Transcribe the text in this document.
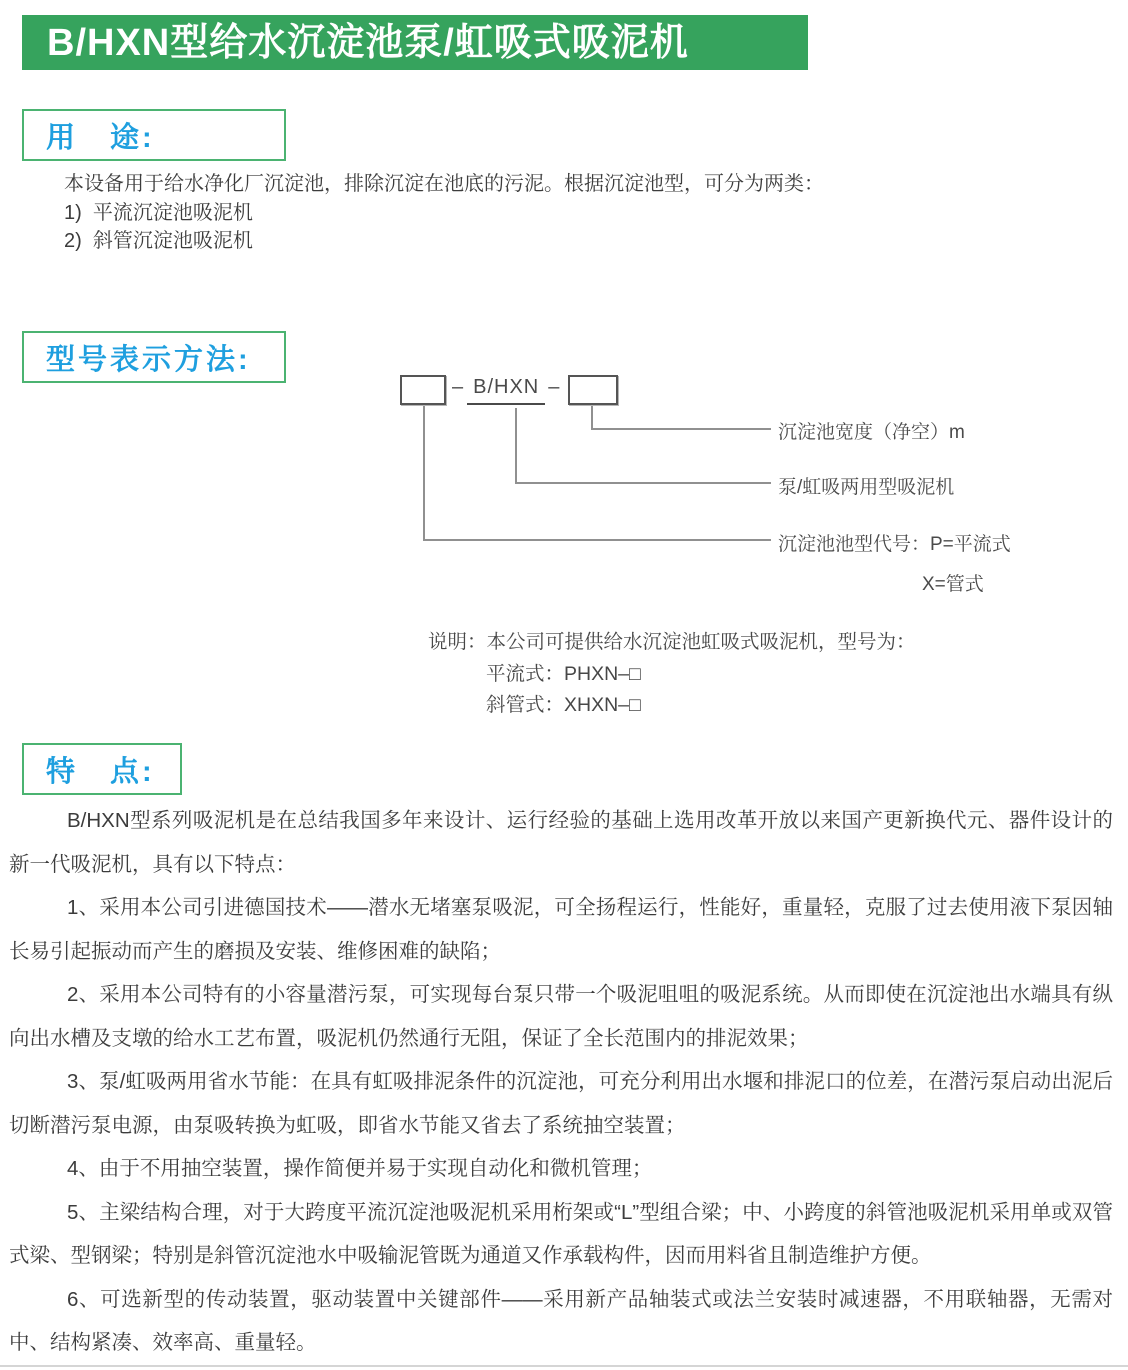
B/HXN型给水沉淀池泵/虹吸式吸泥机
用　途:

本设备用于给水净化厂沉淀池，排除沉淀在池底的污泥。根据沉淀池型，可分为两类：

1)  平流沉淀池吸泥机

2)  斜管沉淀池吸泥机

型号表示方法:
– B/HXN –
沉淀池宽度（净空）m
泵/虹吸两用型吸泥机
沉淀池池型代号：P=平流式
X=管式

说明：本公司可提供给水沉淀池虹吸式吸泥机，型号为：

平流式：PHXN–□

斜管式：XHXN–□

特　点:

B/HXN型系列吸泥机是在总结我国多年来设计、运行经验的基础上选用改革开放以来国产更新换代元、器件设计的新一代吸泥机，具有以下特点：

1、采用本公司引进德国技术——潜水无堵塞泵吸泥，可全扬程运行，性能好，重量轻，克服了过去使用液下泵因轴长易引起振动而产生的磨损及安装、维修困难的缺陷；

2、采用本公司特有的小容量潜污泵，可实现每台泵只带一个吸泥咀咀的吸泥系统。从而即使在沉淀池出水端具有纵向出水槽及支墩的给水工艺布置，吸泥机仍然通行无阻，保证了全长范围内的排泥效果；

3、泵/虹吸两用省水节能：在具有虹吸排泥条件的沉淀池，可充分利用出水堰和排泥口的位差，在潜污泵启动出泥后切断潜污泵电源，由泵吸转换为虹吸，即省水节能又省去了系统抽空装置；

4、由于不用抽空装置，操作简便并易于实现自动化和微机管理；

5、主梁结构合理，对于大跨度平流沉淀池吸泥机采用桁架或“L”型组合梁；中、小跨度的斜管池吸泥机采用单或双管式梁、型钢梁；特别是斜管沉淀池水中吸输泥管既为通道又作承载构件，因而用料省且制造维护方便。

6、可选新型的传动装置，驱动装置中关键部件——采用新产品轴装式或法兰安装时减速器，不用联轴器，无需对中、结构紧凑、效率高、重量轻。
